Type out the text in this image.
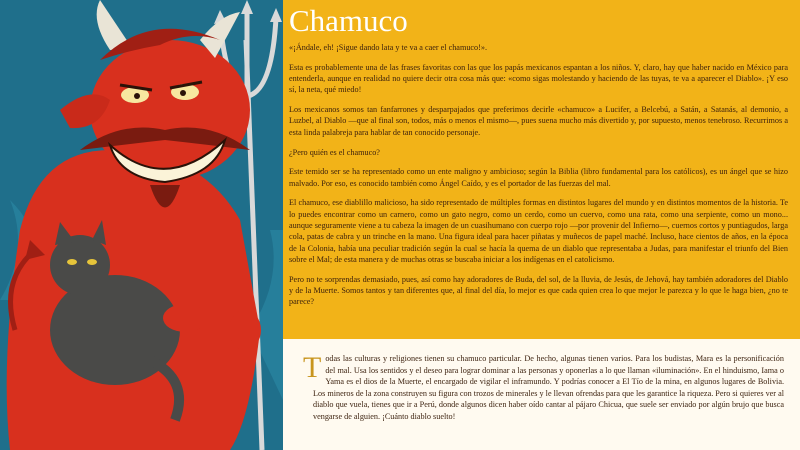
Chamuco

«¡Ándale, eh! ¡Sigue dando lata y te va a caer el chamuco!».

Esta es probablemente una de las frases favoritas con las que los papás mexicanos espantan a los niños. Y, claro, hay que haber nacido en México para entenderla, aunque en realidad no quiere decir otra cosa más que: «como sigas molestando y haciendo de las tuyas, te va a aparecer el Diablo». ¡Y eso sí, la neta, qué miedo!

Los mexicanos somos tan fanfarrones y desparpajados que preferimos decirle «chamuco» a Lucifer, a Belcebú, a Satán, a Satanás, al demonio, a Luzbel, al Diablo —que al final son, todos, más o menos el mismo—, pues suena mucho más divertido y, por supuesto, menos tenebroso. Recurrimos a esta linda palabreja para hablar de tan conocido personaje.

¿Pero quién es el chamuco?

Este temido ser se ha representado como un ente maligno y ambicioso; según la Biblia (libro fundamental para los católicos), es un ángel que se hizo malvado. Por eso, es conocido también como Ángel Caído, y es el portador de las fuerzas del mal.

El chamuco, ese diablillo malicioso, ha sido representado de múltiples formas en distintos lugares del mundo y en distintos momentos de la historia. Te lo puedes encontrar como un carnero, como un gato negro, como un cerdo, como un cuervo, como una rata, como una serpiente, como un mono... aunque seguramente viene a tu cabeza la imagen de un cuasihumano con cuerpo rojo —por provenir del Infierno—, cuernos cortos y puntiagudos, larga cola, patas de cabra y un trinche en la mano. Una figura ideal para hacer piñatas y muñecos de papel maché. Incluso, hace cientos de años, en la época de la Colonia, había una peculiar tradición según la cual se hacía la quema de un diablo que representaba a Judas, para manifestar el triunfo del Bien sobre el Mal; de esta manera y de muchas otras se buscaba iniciar a los indígenas en el catolicismo.

Pero no te sorprendas demasiado, pues, así como hay adoradores de Buda, del sol, de la lluvia, de Jesús, de Jehová, hay también adoradores del Diablo y de la Muerte. Somos tantos y tan diferentes que, al final del día, lo mejor es que cada quien crea lo que mejor le parezca y lo que le haga bien, ¿no te parece?

Todas las culturas y religiones tienen su chamuco particular. De hecho, algunas tienen varios. Para los budistas, Mara es la personificación del mal. Usa los sentidos y el deseo para lograr dominar a las personas y oponerlas a lo que llaman «iluminación». En el hinduismo, Iama o Yama es el dios de la Muerte, el encargado de vigilar el inframundo. Y podrías conocer a El Tío de la mina, en algunos lugares de Bolivia. Los mineros de la zona construyen su figura con trozos de minerales y le llevan ofrendas para que les garantice la riqueza. Pero si quieres ver al diablo que vuela, tienes que ir a Perú, donde algunos dicen haber oído cantar al pájaro Chicua, que suele ser enviado por algún brujo que busca vengarse de alguien. ¡Cuánto diablo suelto!
